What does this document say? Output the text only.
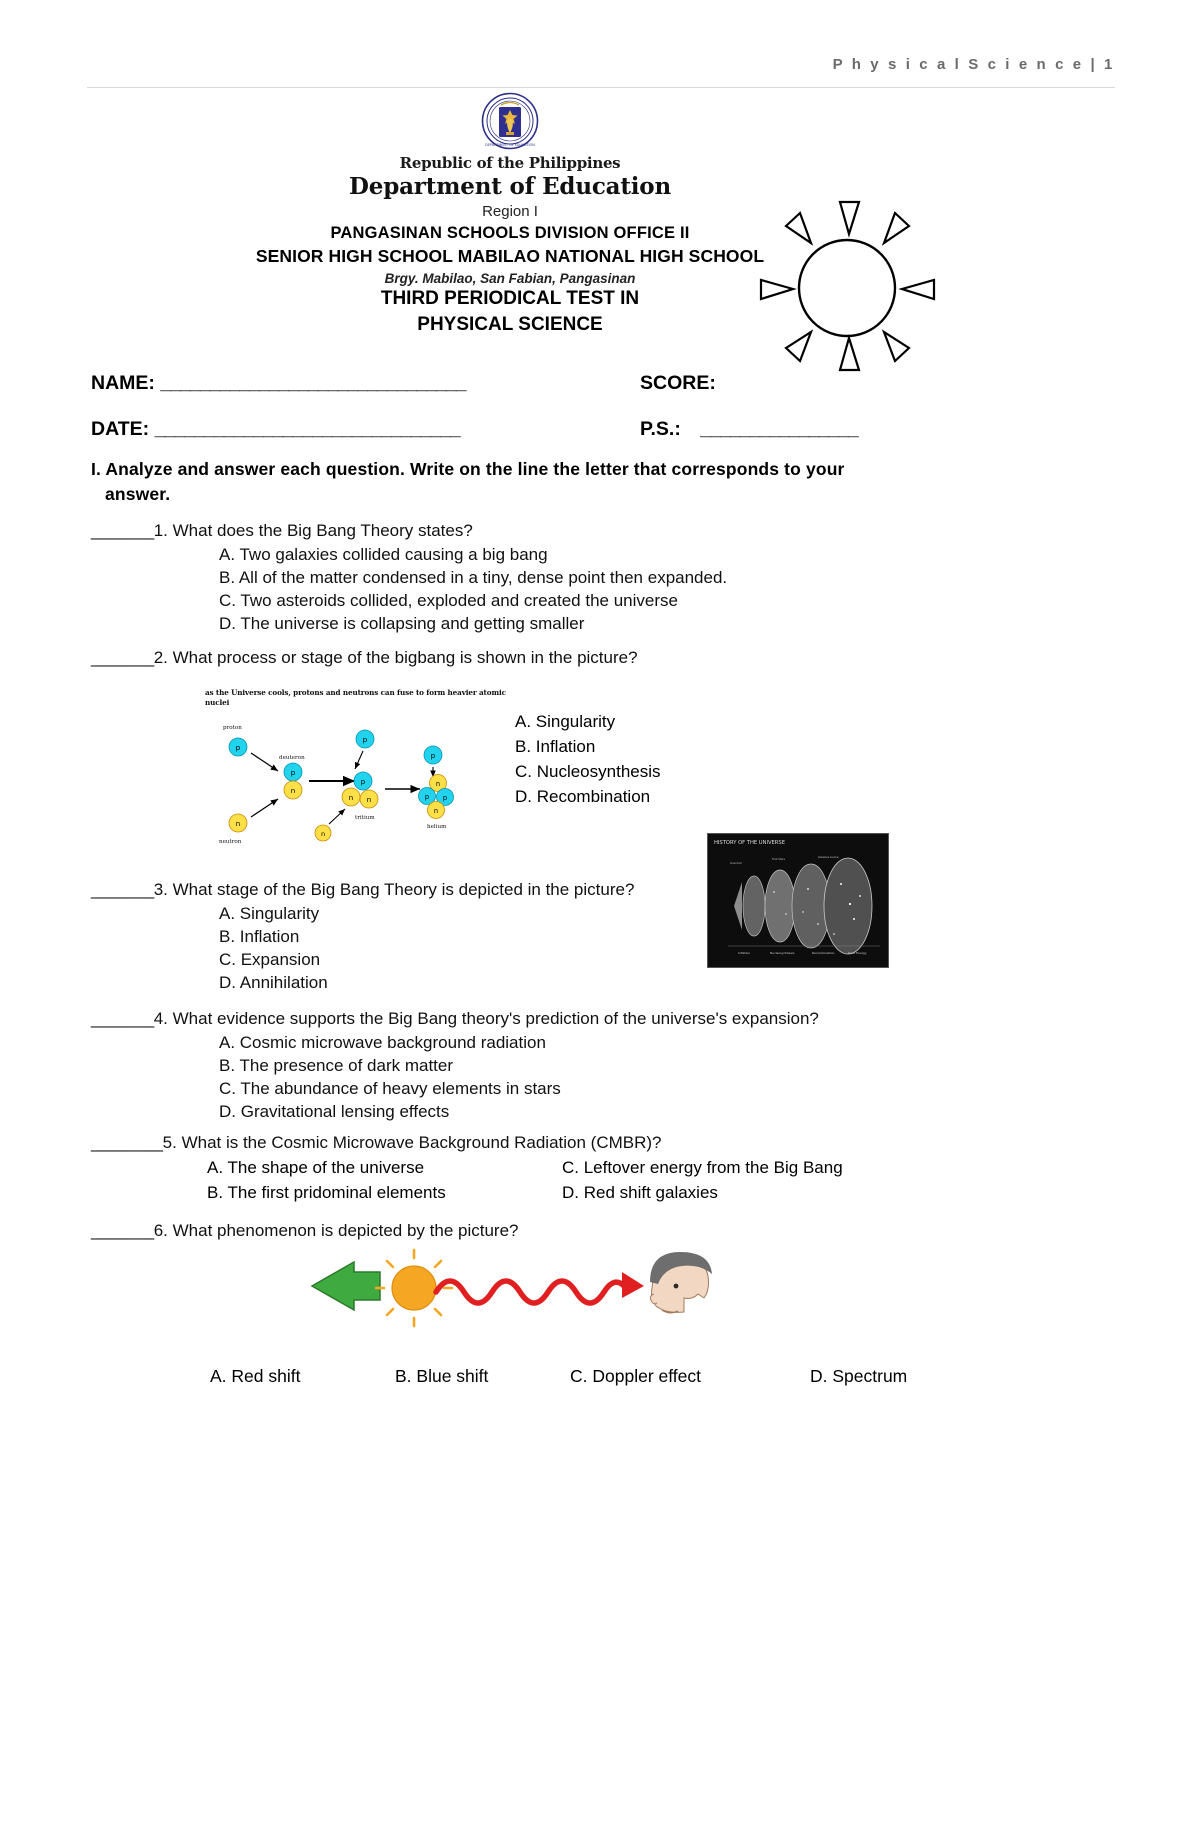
P h y s i c a l S c i e n c e | 1
DEPARTMENT OF EDUCATION
Republic of the Philippines
Department of Education
Region I
PANGASINAN SCHOOLS DIVISION OFFICE II
SENIOR HIGH SCHOOL MABILAO NATIONAL HIGH SCHOOL
Brgy. Mabilao, San Fabian, Pangasinan
THIRD PERIODICAL TEST IN
PHYSICAL SCIENCE
NAME: _______________________________	SCORE:
DATE: _______________________________	P.S.: ________________
I. Analyze and answer each question. Write on the line the letter that corresponds to your
answer.
_______1. What does the Big Bang Theory states?
A. Two galaxies collided causing a big bang
B. All of the matter condensed in a tiny, dense point then expanded.
C. Two asteroids collided, exploded and created the universe
D. The universe is collapsing and getting smaller
_______2. What process or stage of the bigbang is shown in the picture?
as the Universe cools, protons and neutrons can fuse to form heavier atomic nuclei
p
proton
n
neutron
p
n
deuteron
n
p
p
n n
tritium
p
n
p p
n
helium
A. Singularity
B. Inflation
C. Nucleosynthesis
D. Recombination
HISTORY OF THE UNIVERSE
Inflation	Nucleosynthesis	Recombination	Dark Energy
Quantum
First Stars
Galaxies evolve
_______3. What stage of the Big Bang Theory is depicted in the picture?
A. Singularity
B. Inflation
C. Expansion
D. Annihilation
_______4. What evidence supports the Big Bang theory's prediction of the universe's expansion?
A. Cosmic microwave background radiation
B. The presence of dark matter
C. The abundance of heavy elements in stars
D. Gravitational lensing effects
________5. What is the Cosmic Microwave Background Radiation (CMBR)?
A. The shape of the universe	C. Leftover energy from the Big Bang
B. The first pridominal elements	D. Red shift galaxies
_______6. What phenomenon is depicted by the picture?
A. Red shift	B. Blue shift	C. Doppler effect	D. Spectrum
